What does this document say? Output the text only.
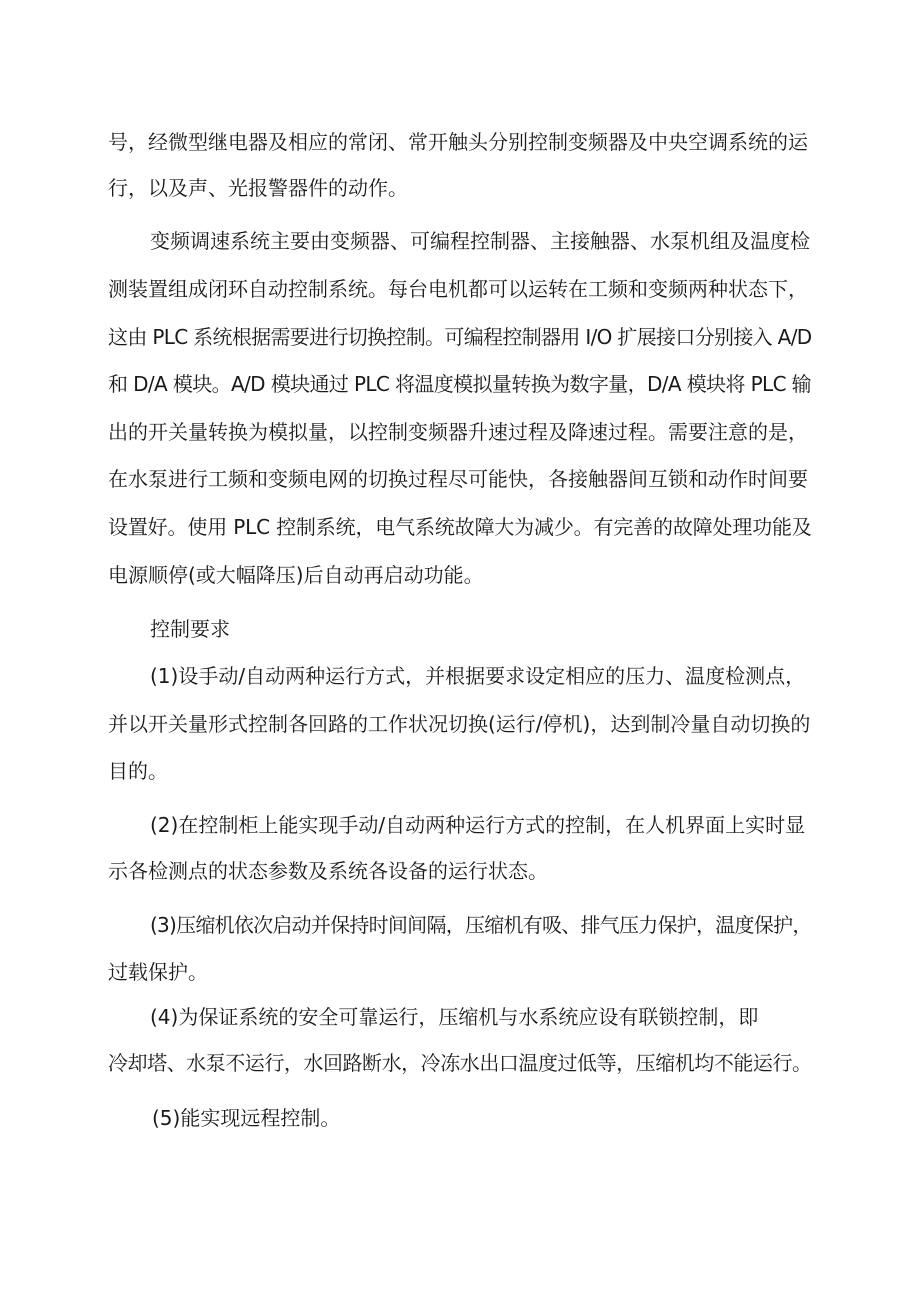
号，经微型继电器及相应的常闭、常开触头分别控制变频器及中央空调系统的运

行，以及声、光报警器件的动作。

变频调速系统主要由变频器、可编程控制器、主接触器、水泵机组及温度检

测装置组成闭环自动控制系统。每台电机都可以运转在工频和变频两种状态下，

这由 PLC 系统根据需要进行切换控制。可编程控制器用 I/O 扩展接口分别接入 A/D

和 D/A 模块。A/D 模块通过 PLC 将温度模拟量转换为数字量，D/A 模块将 PLC 输

出的开关量转换为模拟量，以控制变频器升速过程及降速过程。需要注意的是，

在水泵进行工频和变频电网的切换过程尽可能快，各接触器间互锁和动作时间要

设置好。使用 PLC 控制系统，电气系统故障大为减少。有完善的故障处理功能及

电源顺停(或大幅降压)后自动再启动功能。

控制要求

(1)设手动/自动两种运行方式，并根据要求设定相应的压力、温度检测点，

并以开关量形式控制各回路的工作状况切换(运行/停机)，达到制冷量自动切换的

目的。

(2)在控制柜上能实现手动/自动两种运行方式的控制，在人机界面上实时显

示各检测点的状态参数及系统各设备的运行状态。

(3)压缩机依次启动并保持时间间隔，压缩机有吸、排气压力保护，温度保护，

过载保护。

(4)为保证系统的安全可靠运行，压缩机与水系统应设有联锁控制，即

冷却塔、水泵不运行，水回路断水，冷冻水出口温度过低等，压缩机均不能运行。

(5)能实现远程控制。
